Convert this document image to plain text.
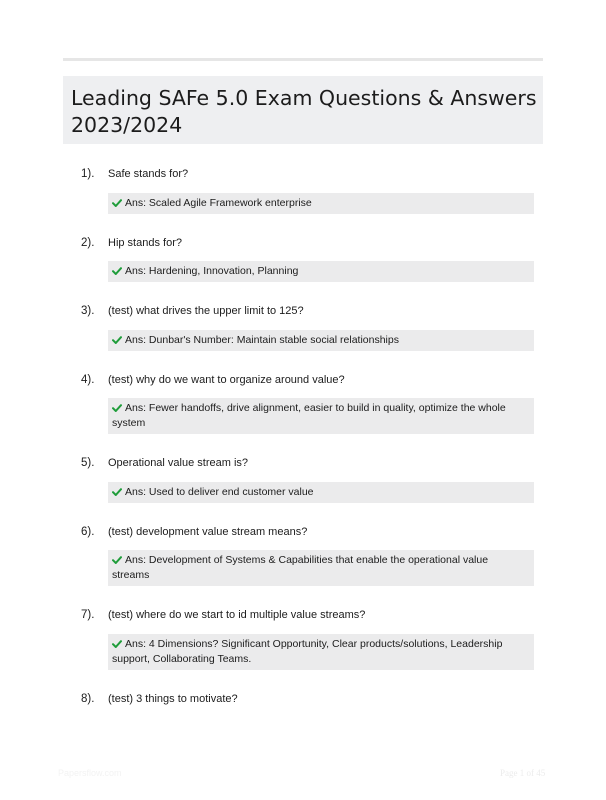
Leading SAFe 5.0 Exam Questions & Answers
2023/2024
1). Safe stands for?
Ans: Scaled Agile Framework enterprise
2). Hip stands for?
Ans: Hardening, Innovation, Planning
3). (test) what drives the upper limit to 125?
Ans: Dunbar's Number: Maintain stable social relationships
4). (test) why do we want to organize around value?
Ans: Fewer handoffs, drive alignment, easier to build in quality, optimize the whole system
5). Operational value stream is?
Ans: Used to deliver end customer value
6). (test) development value stream means?
Ans: Development of Systems & Capabilities that enable the operational value streams
7). (test) where do we start to id multiple value streams?
Ans: 4 Dimensions? Significant Opportunity, Clear products/solutions, Leadership support, Collaborating Teams.
8). (test) 3 things to motivate?
Papersflow.com	Page 1 of 45
